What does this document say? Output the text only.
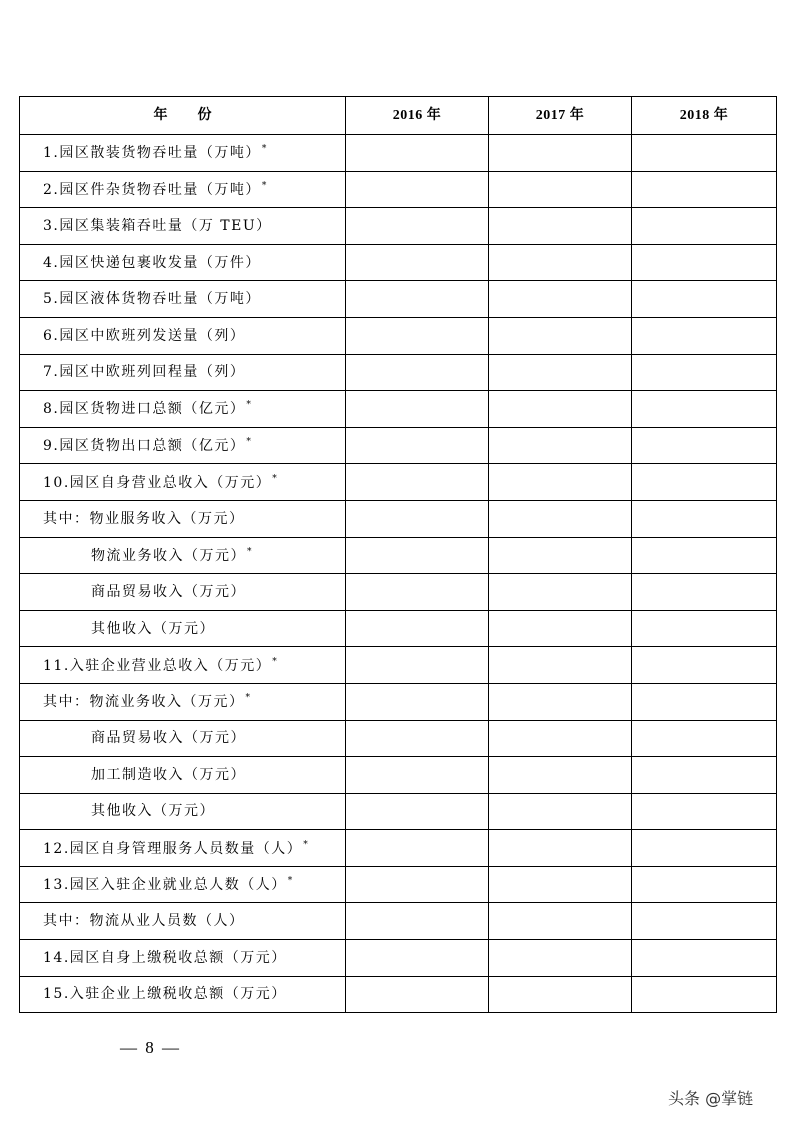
年 份	2016 年	2017 年	2018 年
1.园区散装货物吞吐量（万吨）*			
2.园区件杂货物吞吐量（万吨）*			
3.园区集装箱吞吐量（万 TEU）			
4.园区快递包裹收发量（万件）			
5.园区液体货物吞吐量（万吨）			
6.园区中欧班列发送量（列）			
7.园区中欧班列回程量（列）			
8.园区货物进口总额（亿元）*			
9.园区货物出口总额（亿元）*			
10.园区自身营业总收入（万元）*			
其中：物业服务收入（万元）			
物流业务收入（万元）*			
商品贸易收入（万元）			
其他收入（万元）			
11.入驻企业营业总收入（万元）*			
其中：物流业务收入（万元）*			
商品贸易收入（万元）			
加工制造收入（万元）			
其他收入（万元）			
12.园区自身管理服务人员数量（人）*			
13.园区入驻企业就业总人数（人）*			
其中：物流从业人员数（人）			
14.园区自身上缴税收总额（万元）			
15.入驻企业上缴税收总额（万元）			
— 8 —
头条 @掌链
